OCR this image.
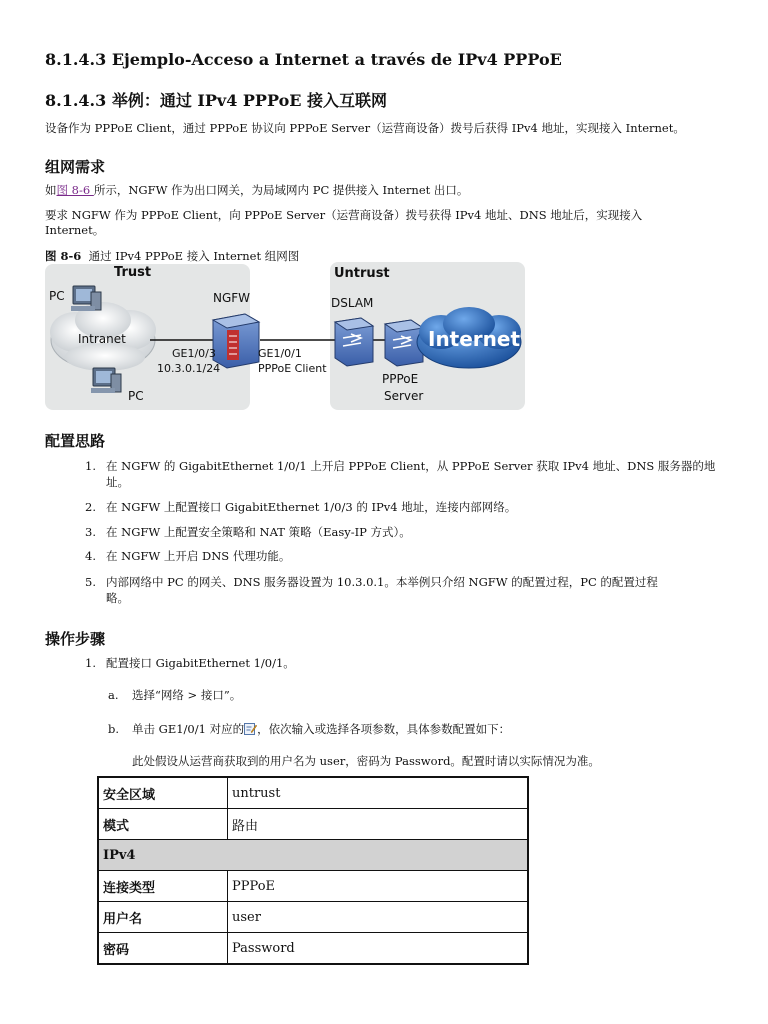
8.1.4.3 Ejemplo-Acceso a Internet a través de IPv4 PPPoE
8.1.4.3 举例：通过 IPv4 PPPoE 接入互联网
设备作为 PPPoE Client，通过 PPPoE 协议向 PPPoE Server（运营商设备）拨号后获得 IPv4 地址，实现接入 Internet。
组网需求
如图 8-6 所示，NGFW 作为出口网关，为局域网内 PC 提供接入 Internet 出口。
要求 NGFW 作为 PPPoE Client，向 PPPoE Server（运营商设备）拨号获得 IPv4 地址、DNS 地址后，实现接入
Internet。
图 8-6 通过 IPv4 PPPoE 接入 Internet 组网图
Trust	Untrust
PC
PC
Intranet
NGFW	DSLAM
GE1/0/3	GE1/0/1
10.3.0.1/24	PPPoE Client
Internet
PPPoE
Server
配置思路
1. 在 NGFW 的 GigabitEthernet 1/0/1 上开启 PPPoE Client，从 PPPoE Server 获取 IPv4 地址、DNS 服务器的地
址。
2. 在 NGFW 上配置接口 GigabitEthernet 1/0/3 的 IPv4 地址，连接内部网络。
3. 在 NGFW 上配置安全策略和 NAT 策略（Easy-IP 方式）。
4. 在 NGFW 上开启 DNS 代理功能。
5. 内部网络中 PC 的网关、DNS 服务器设置为 10.3.0.1。本举例只介绍 NGFW 的配置过程，PC 的配置过程
略。
操作步骤
1. 配置接口 GigabitEthernet 1/0/1。
a. 选择“网络 > 接口”。
b. 单击 GE1/0/1 对应的 ，依次输入或选择各项参数，具体参数配置如下：
此处假设从运营商获取到的用户名为 user，密码为 Password。配置时请以实际情况为准。
安全区域	untrust
模式	路由
IPv4	
连接类型	PPPoE
用户名	user
密码	Password
